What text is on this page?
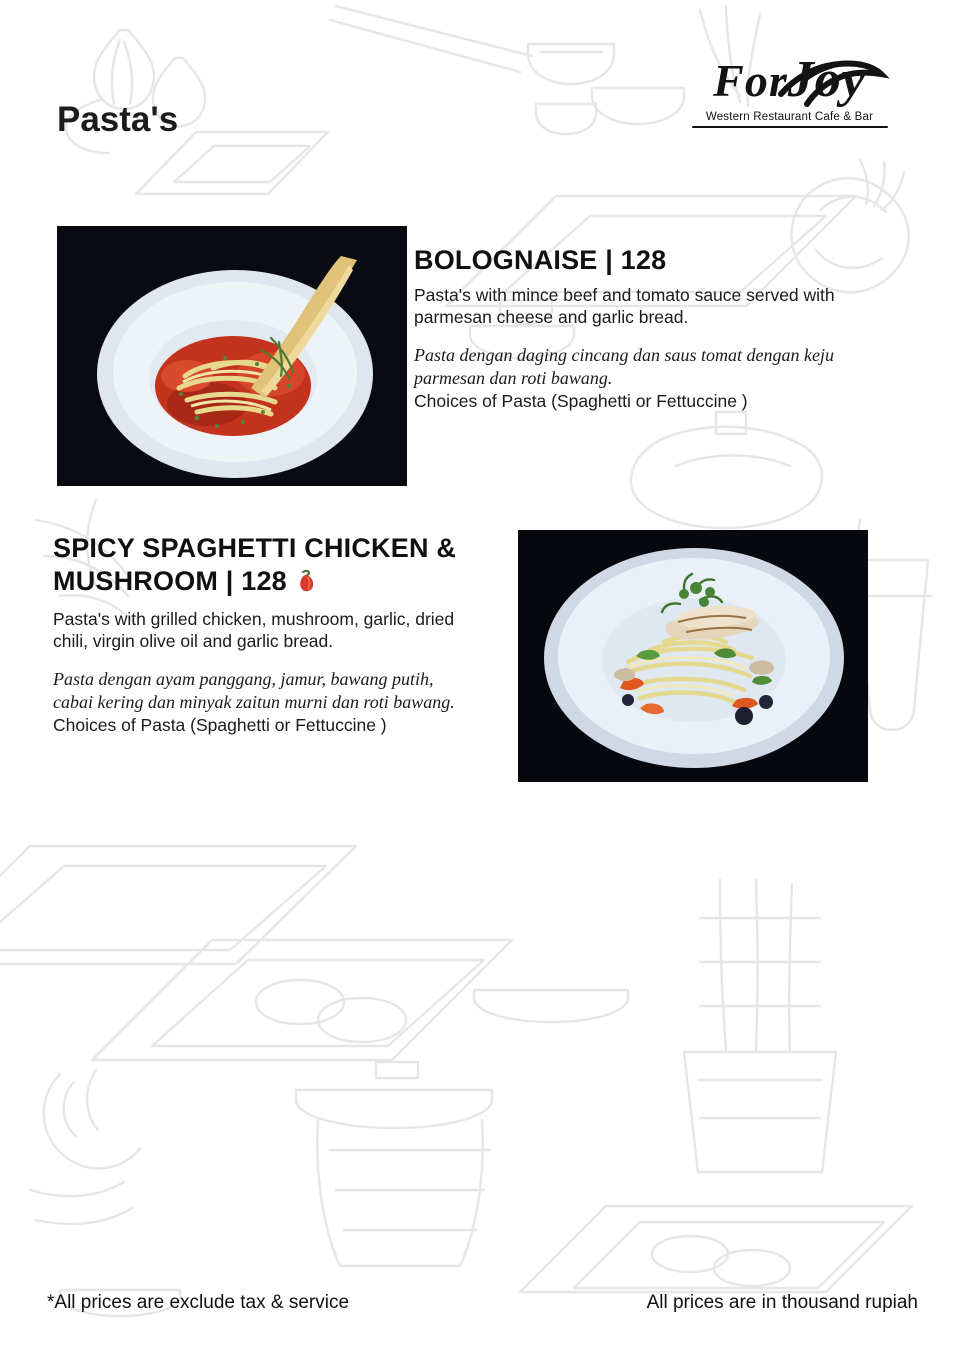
Pasta's
ForJoy
Western Restaurant Cafe & Bar
BOLOGNAISE | 128
Pasta's with mince beef and tomato sauce served with parmesan cheese and garlic bread.
Pasta dengan daging cincang dan saus tomat dengan keju parmesan dan roti bawang.
Choices of Pasta (Spaghetti or Fettuccine )
SPICY SPAGHETTI CHICKEN & MUSHROOM | 128
Pasta's with grilled chicken, mushroom, garlic, dried chili, virgin olive oil and garlic bread.
Pasta dengan ayam panggang, jamur, bawang putih, cabai kering dan minyak zaitun murni dan roti bawang.
Choices of Pasta (Spaghetti or Fettuccine )
*All prices are exclude tax & service	All prices are in thousand rupiah
